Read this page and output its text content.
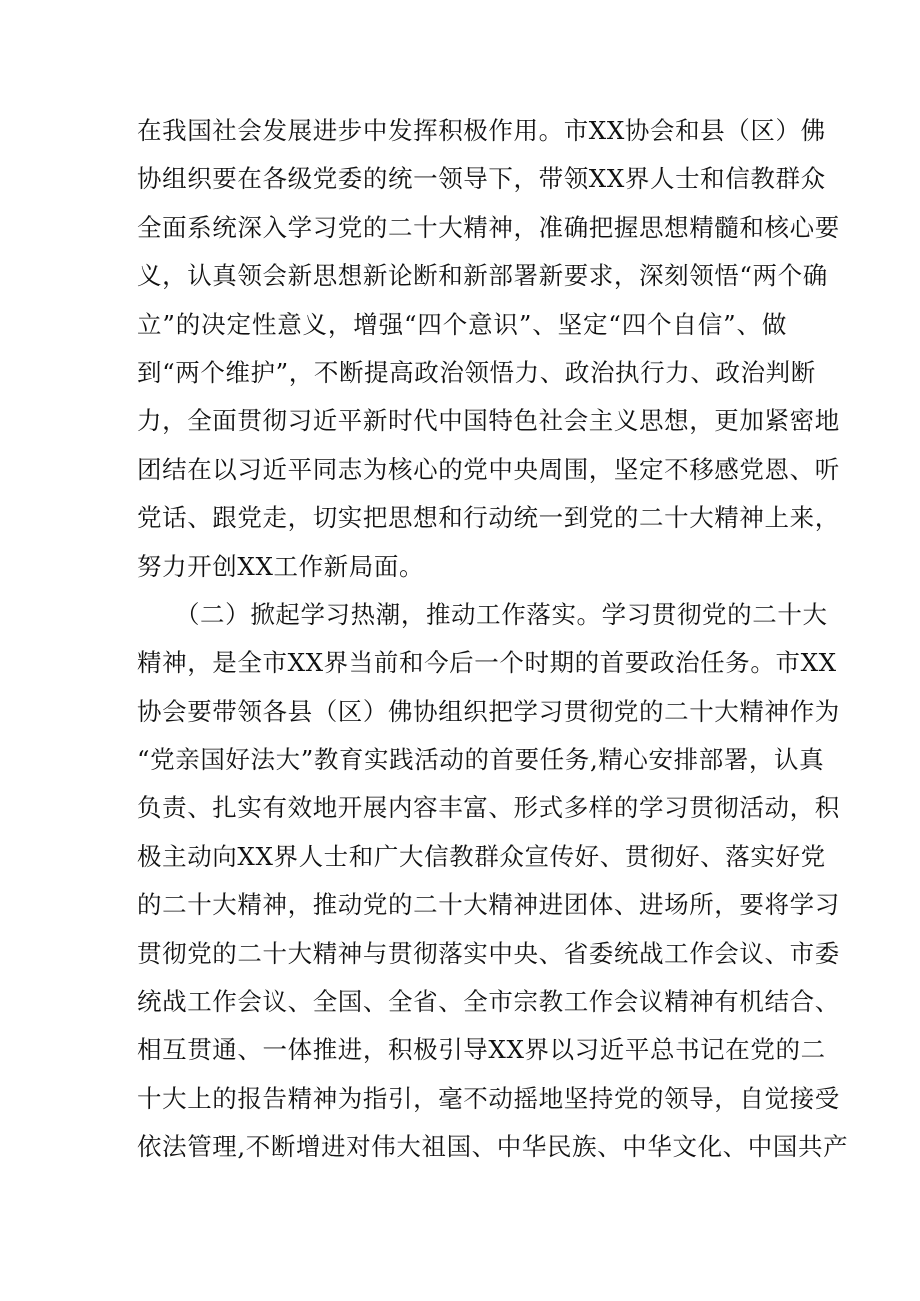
在我国社会发展进步中发挥积极作用。市XX协会和县（区）佛
协组织要在各级党委的统一领导下，带领XX界人士和信教群众
全面系统深入学习党的二十大精神，准确把握思想精髓和核心要
义，认真领会新思想新论断和新部署新要求，深刻领悟“两个确
立”的决定性意义，增强“四个意识”、坚定“四个自信”、做
到“两个维护”，不断提高政治领悟力、政治执行力、政治判断
力，全面贯彻习近平新时代中国特色社会主义思想，更加紧密地
团结在以习近平同志为核心的党中央周围，坚定不移感党恩、听
党话、跟党走，切实把思想和行动统一到党的二十大精神上来，
努力开创XX工作新局面。
　　（二）掀起学习热潮，推动工作落实。学习贯彻党的二十大
精神，是全市XX界当前和今后一个时期的首要政治任务。市XX
协会要带领各县（区）佛协组织把学习贯彻党的二十大精神作为
“党亲国好法大”教育实践活动的首要任务,精心安排部署，认真
负责、扎实有效地开展内容丰富、形式多样的学习贯彻活动，积
极主动向XX界人士和广大信教群众宣传好、贯彻好、落实好党
的二十大精神，推动党的二十大精神进团体、进场所，要将学习
贯彻党的二十大精神与贯彻落实中央、省委统战工作会议、市委
统战工作会议、全国、全省、全市宗教工作会议精神有机结合、
相互贯通、一体推进，积极引导XX界以习近平总书记在党的二
十大上的报告精神为指引，毫不动摇地坚持党的领导，自觉接受
依法管理,不断增进对伟大祖国、中华民族、中华文化、中国共产
